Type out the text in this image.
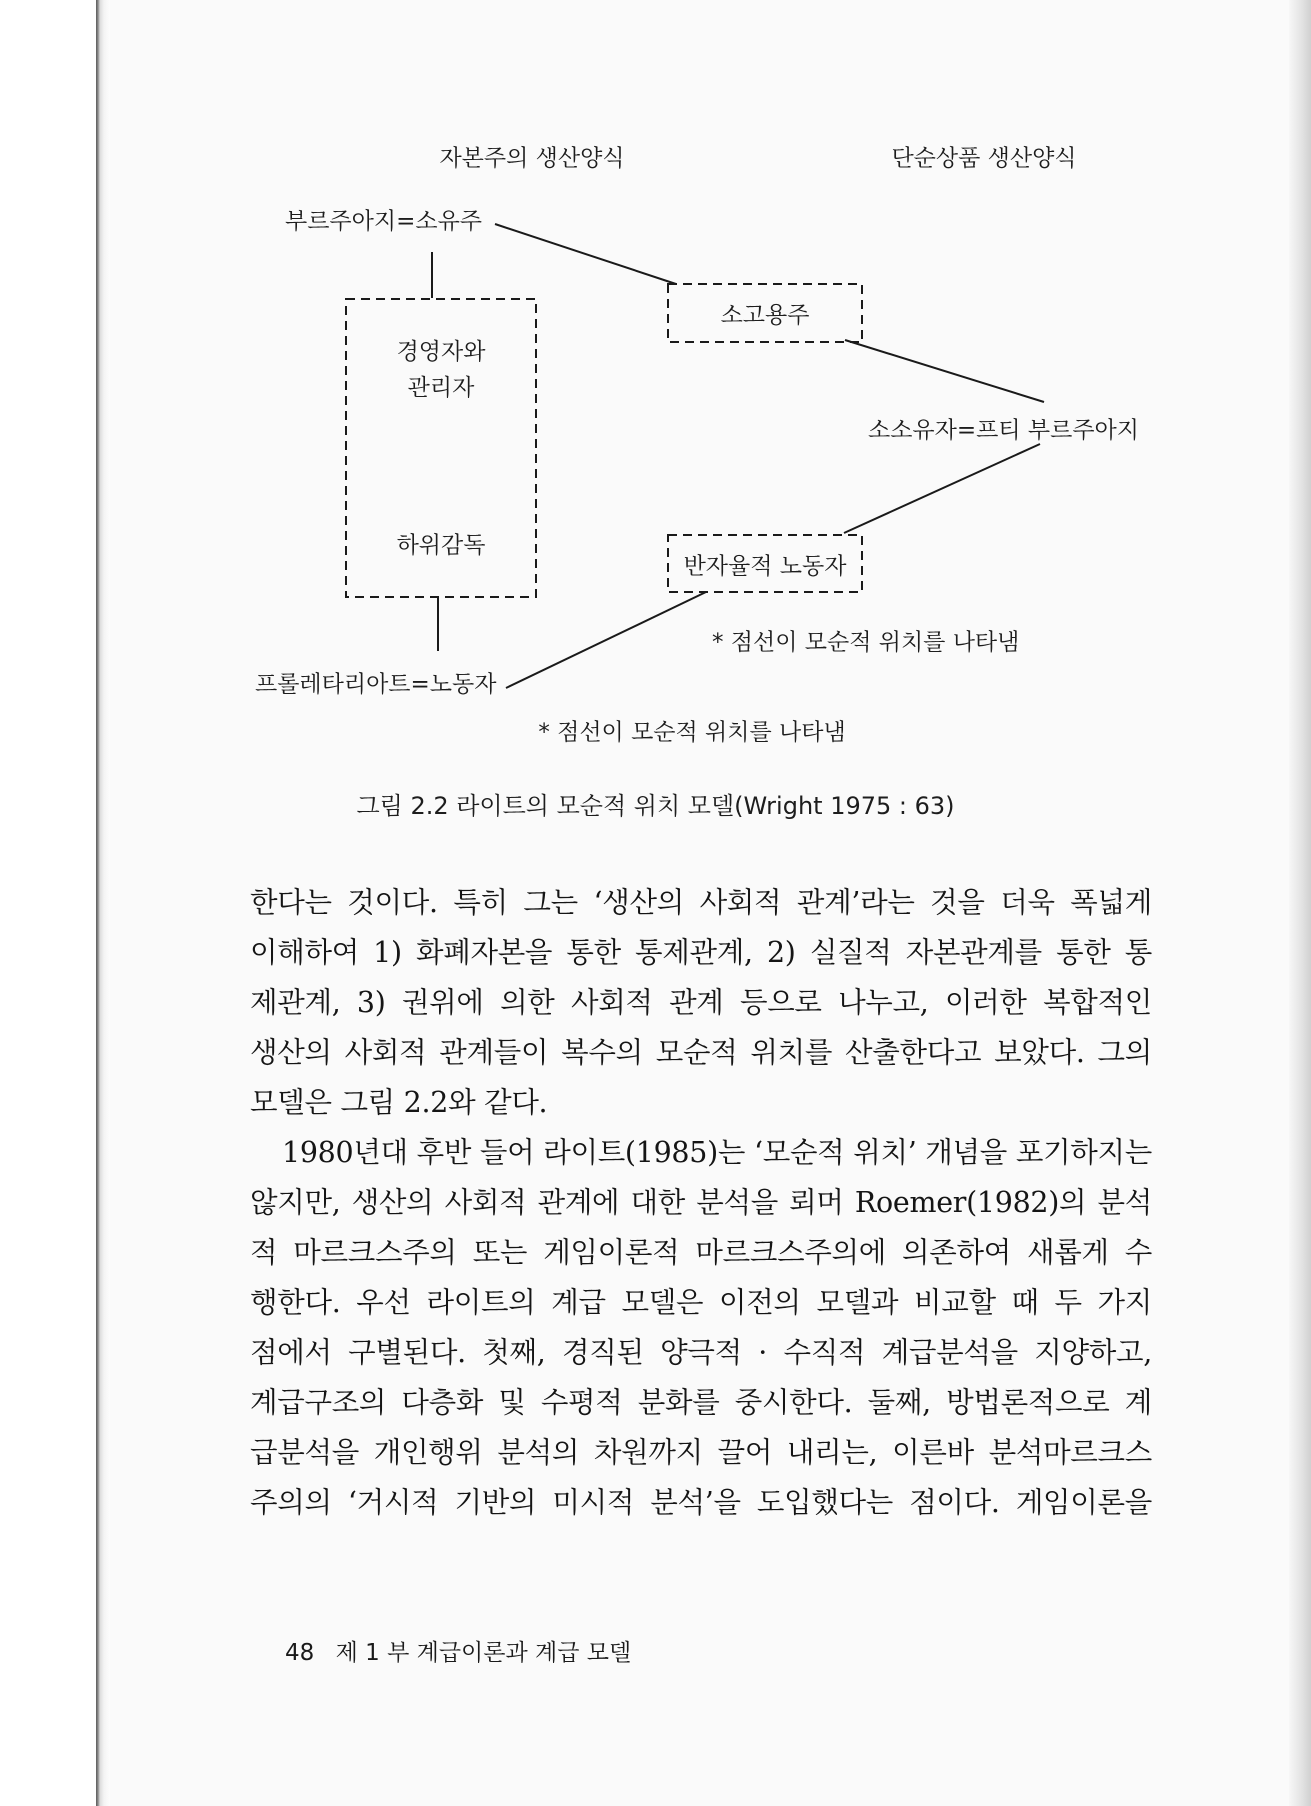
자본주의 생산양식	단순상품 생산양식
부르주아지=소유주
소고용주
경영자와
관리자
소소유자=프티 부르주아지
하위감독
반자율적 노동자
* 점선이 모순적 위치를 나타냄
프롤레타리아트=노동자
* 점선이 모순적 위치를 나타냄
그림 2.2 라이트의 모순적 위치 모델(Wright 1975 : 63)
한다는 것이다. 특히 그는 ‘생산의 사회적 관계’라는 것을 더욱 폭넓게
이해하여 1) 화폐자본을 통한 통제관계, 2) 실질적 자본관계를 통한 통
제관계, 3) 권위에 의한 사회적 관계 등으로 나누고, 이러한 복합적인
생산의 사회적 관계들이 복수의 모순적 위치를 산출한다고 보았다. 그의
모델은 그림 2.2와 같다.
1980년대 후반 들어 라이트(1985)는 ‘모순적 위치’ 개념을 포기하지는
않지만, 생산의 사회적 관계에 대한 분석을 뢰머 Roemer(1982)의 분석
적 마르크스주의 또는 게임이론적 마르크스주의에 의존하여 새롭게 수
행한다. 우선 라이트의 계급 모델은 이전의 모델과 비교할 때 두 가지
점에서 구별된다. 첫째, 경직된 양극적 · 수직적 계급분석을 지양하고,
계급구조의 다층화 및 수평적 분화를 중시한다. 둘째, 방법론적으로 계
급분석을 개인행위 분석의 차원까지 끌어 내리는, 이른바 분석마르크스
주의의 ‘거시적 기반의 미시적 분석’을 도입했다는 점이다. 게임이론을
48 제 1 부 계급이론과 계급 모델
